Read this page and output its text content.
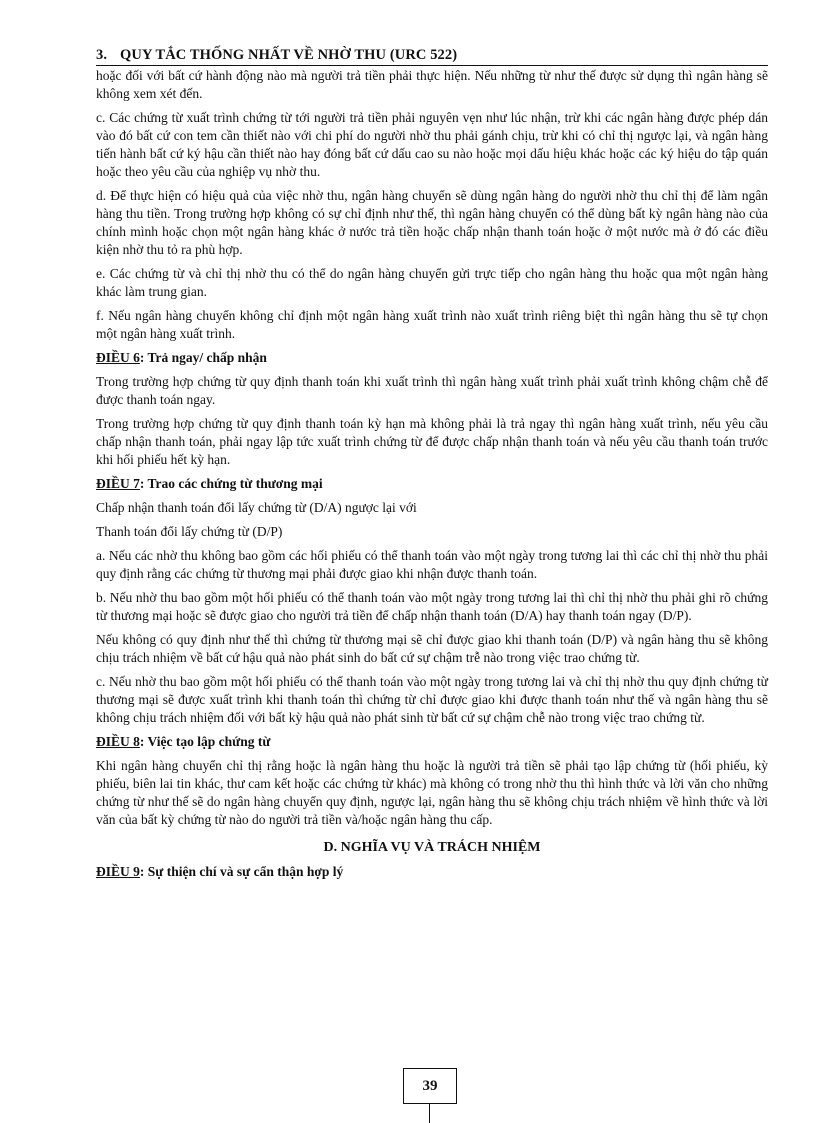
3. QUY TẮC THỐNG NHẤT VỀ NHỜ THU (URC 522)

hoặc đối với bất cứ hành động nào mà người trả tiền phải thực hiện. Nếu những từ như thế được sử dụng thì ngân hàng sẽ không xem xét đến.

c. Các chứng từ xuất trình chứng từ tới người trả tiền phải nguyên vẹn như lúc nhận, trừ khi các ngân hàng được phép dán vào đó bất cứ con tem cần thiết nào với chi phí do người nhờ thu phải gánh chịu, trừ khi có chỉ thị ngược lại, và ngân hàng tiến hành bất cứ ký hậu cần thiết nào hay đóng bất cứ dấu cao su nào hoặc mọi dấu hiệu khác hoặc các ký hiệu do tập quán hoặc theo yêu cầu của nghiệp vụ nhờ thu.

d. Để thực hiện có hiệu quả của việc nhờ thu, ngân hàng chuyển sẽ dùng ngân hàng do người nhờ thu chỉ thị để làm ngân hàng thu tiền. Trong trường hợp không có sự chỉ định như thế, thì ngân hàng chuyển có thể dùng bất kỳ ngân hàng nào của chính mình hoặc chọn một ngân hàng khác ở nước trả tiền hoặc chấp nhận thanh toán hoặc ở một nước mà ở đó các điều kiện nhờ thu tỏ ra phù hợp.

e. Các chứng từ và chỉ thị nhờ thu có thể do ngân hàng chuyển gửi trực tiếp cho ngân hàng thu hoặc qua một ngân hàng khác làm trung gian.

f. Nếu ngân hàng chuyển không chỉ định một ngân hàng xuất trình nào xuất trình riêng biệt thì ngân hàng thu sẽ tự chọn một ngân hàng xuất trình.

ĐIỀU 6: Trả ngay/ chấp nhận

Trong trường hợp chứng từ quy định thanh toán khi xuất trình thì ngân hàng xuất trình phải xuất trình không chậm chễ để được thanh toán ngay.

Trong trường hợp chứng từ quy định thanh toán kỳ hạn mà không phải là trả ngay thì ngân hàng xuất trình, nếu yêu cầu chấp nhận thanh toán, phải ngay lập tức xuất trình chứng từ để được chấp nhận thanh toán và nếu yêu cầu thanh toán trước khi hối phiếu hết kỳ hạn.

ĐIỀU 7: Trao các chứng từ thương mại

Chấp nhận thanh toán đổi lấy chứng từ (D/A) ngược lại với

Thanh toán đổi lấy chứng từ (D/P)

a. Nếu các nhờ thu không bao gồm các hối phiếu có thể thanh toán vào một ngày trong tương lai thì các chỉ thị nhờ thu phải quy định rằng các chứng từ thương mại phải được giao khi nhận được thanh toán.

b. Nếu nhờ thu bao gồm một hối phiếu có thể thanh toán vào một ngày trong tương lai thì chỉ thị nhờ thu phải ghi rõ chứng từ thương mại hoặc sẽ được giao cho người trả tiền để chấp nhận thanh toán (D/A) hay thanh toán ngay (D/P).

Nếu không có quy định như thế thì chứng từ thương mại sẽ chỉ được giao khi thanh toán (D/P) và ngân hàng thu sẽ không chịu trách nhiệm về bất cứ hậu quả nào phát sinh do bất cứ sự chậm trễ nào trong việc trao chứng từ.

c. Nếu nhờ thu bao gồm một hối phiếu có thể thanh toán vào một ngày trong tương lai và chỉ thị nhờ thu quy định chứng từ thương mại sẽ được xuất trình khi thanh toán thì chứng từ chỉ được giao khi được thanh toán như thế và ngân hàng thu sẽ không chịu trách nhiệm đối với bất kỳ hậu quả nào phát sinh từ bất cứ sự chậm chễ nào trong việc trao chứng từ.

ĐIỀU 8: Việc tạo lập chứng từ

Khi ngân hàng chuyển chỉ thị rằng hoặc là ngân hàng thu hoặc là người trả tiền sẽ phải tạo lập chứng từ (hối phiếu, kỳ phiếu, biên lai tin khác, thư cam kết hoặc các chứng từ khác) mà không có trong nhờ thu thì hình thức và lời văn cho những chứng từ như thế sẽ do ngân hàng chuyển quy định, ngược lại, ngân hàng thu sẽ không chịu trách nhiệm về hình thức và lời văn của bất kỳ chứng từ nào do người trả tiền và/hoặc ngân hàng thu cấp.

D. NGHĨA VỤ VÀ TRÁCH NHIỆM
ĐIỀU 9: Sự thiện chí và sự cẩn thận hợp lý
39
